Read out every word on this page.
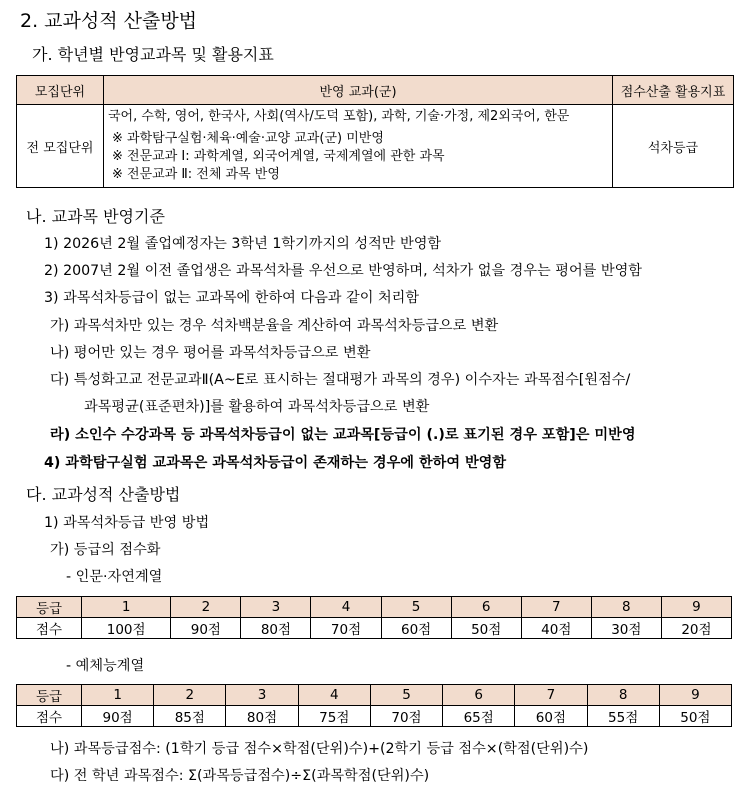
2. 교과성적 산출방법
가. 학년별 반영교과목 및 활용지표
모집단위	반영 교과(군)	점수산출 활용지표
전 모집단위	국어, 수학, 영어, 한국사, 사회(역사/도덕 포함), 과학, 기술·가정, 제2외국어, 한문
※ 과학탐구실험·체육·예술·교양 교과(군) 미반영
※ 전문교과 Ⅰ: 과학계열, 외국어계열, 국제계열에 관한 과목
※ 전문교과 Ⅱ: 전체 과목 반영	석차등급
나. 교과목 반영기준
1) 2026년 2월 졸업예정자는 3학년 1학기까지의 성적만 반영함
2) 2007년 2월 이전 졸업생은 과목석차를 우선으로 반영하며, 석차가 없을 경우는 평어를 반영함
3) 과목석차등급이 없는 교과목에 한하여 다음과 같이 처리함
가) 과목석차만 있는 경우 석차백분율을 계산하여 과목석차등급으로 변환
나) 평어만 있는 경우 평어를 과목석차등급으로 변환
다) 특성화고교 전문교과Ⅱ(A~E로 표시하는 절대평가 과목의 경우) 이수자는 과목점수[원점수/
과목평균(표준편차)]를 활용하여 과목석차등급으로 변환
라) 소인수 수강과목 등 과목석차등급이 없는 교과목[등급이 (.)로 표기된 경우 포함]은 미반영
4) 과학탐구실험 교과목은 과목석차등급이 존재하는 경우에 한하여 반영함
다. 교과성적 산출방법
1) 과목석차등급 반영 방법
가) 등급의 점수화
- 인문·자연계열
등급	1	2	3	4	5	6	7	8	9
점수	100점	90점	80점	70점	60점	50점	40점	30점	20점
- 예체능계열
등급	1	2	3	4	5	6	7	8	9
점수	90점	85점	80점	75점	70점	65점	60점	55점	50점
나) 과목등급점수: (1학기 등급 점수×학점(단위)수)+(2학기 등급 점수×(학점(단위)수)
다) 전 학년 과목점수: Σ(과목등급점수)÷Σ(과목학점(단위)수)
